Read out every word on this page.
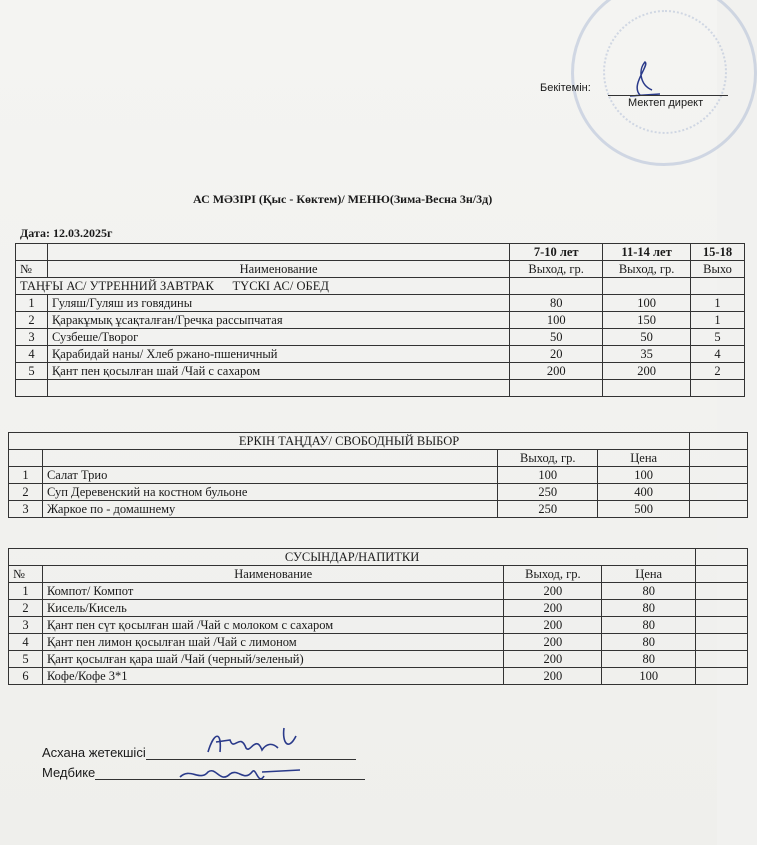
Бекітемін:
Мектеп директ
АС МӘЗІРІ (Қыс - Көктем)/ МЕНЮ(Зима-Весна 3н/3д)
Дата: 12.03.2025г
		7-10 лет	11-14 лет	15-18
№	Наименование	Выход, гр.	Выход, гр.	Выхо
ТАҢҒЫ АС/ УТРЕННИЙ ЗАВТРАК      ТҮСКІ АС/ ОБЕД				
1	Гуляш/Гуляш из говядины	80	100	1
2	Қаракұмық ұсақталған/Гречка рассыпчатая	100	150	1
3	Сузбеше/Творог	50	50	5
4	Қарабидай наны/ Хлеб ржано-пшеничный	20	35	4
5	Қант пен қосылған шай /Чай с сахаром	200	200	2

ЕРКІН ТАҢДАУ/ СВОБОДНЫЙ ВЫБОР				
		Выход, гр.	Цена	
1	Салат Трио	100	100	
2	Суп Деревенский на костном бульоне	250	400	
3	Жаркое по - домашнему	250	500	
СУСЫНДАР/НАПИТКИ				
№	Наименование	Выход, гр.	Цена	
1	Компот/ Компот	200	80	
2	Кисель/Кисель	200	80	
3	Қант пен сүт қосылған шай /Чай с молоком с сахаром	200	80	
4	Қант пен лимон қосылған шай /Чай с лимоном	200	80	
5	Қант қосылған қара шай /Чай (черный/зеленый)	200	80	
6	Кофе/Кофе 3*1	200	100	
Асхана жетекшісі
Медбике
